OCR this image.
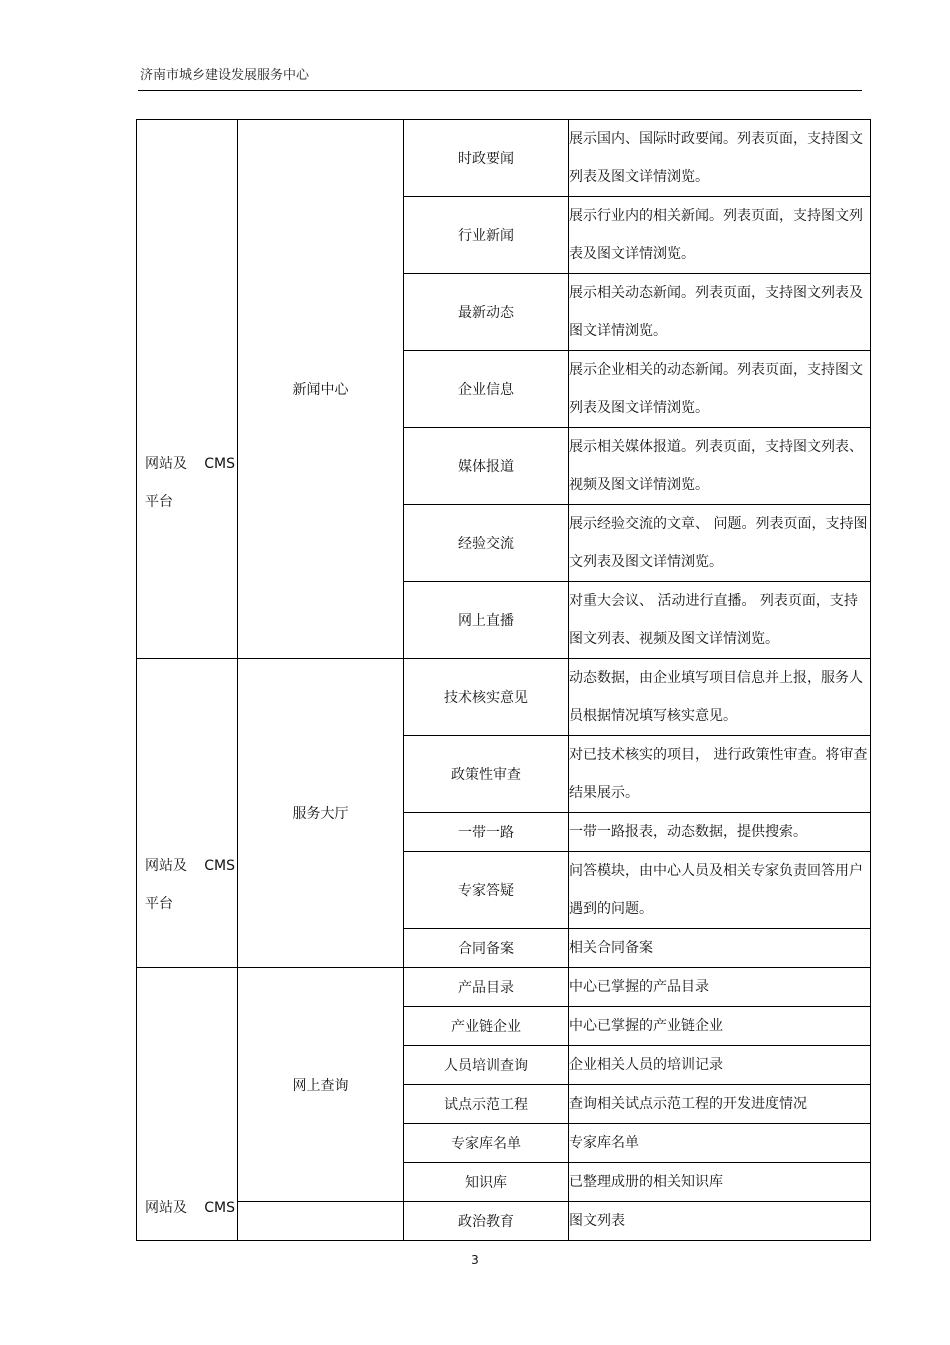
济南市城乡建设发展服务中心
网站及 CMS
平台	新闻中心	时政要闻	展示国内、国际时政要闻。列表页面，支持图文列表及图文详情浏览。
		行业新闻	展示行业内的相关新闻。列表页面，支持图文列表及图文详情浏览。
		最新动态	展示相关动态新闻。列表页面，支持图文列表及图文详情浏览。
		企业信息	展示企业相关的动态新闻。列表页面，支持图文列表及图文详情浏览。
		媒体报道	展示相关媒体报道。列表页面，支持图文列表、视频及图文详情浏览。
		经验交流	展示经验交流的文章、 问题。列表页面，支持图文列表及图文详情浏览。
		网上直播	对重大会议、 活动进行直播。 列表页面，支持图文列表、视频及图文详情浏览。

网站及 CMS
平台	服务大厅	技术核实意见	动态数据，由企业填写项目信息并上报，服务人员根据情况填写核实意见。
		政策性审查	对已技术核实的项目， 进行政策性审查。将审查结果展示。
		一带一路	一带一路报表，动态数据，提供搜索。
		专家答疑	问答模块，由中心人员及相关专家负责回答用户遇到的问题。
		合同备案	相关合同备案

网站及 CMS	网上查询	产品目录	中心已掌握的产品目录
		产业链企业	中心已掌握的产业链企业
		人员培训查询	企业相关人员的培训记录
		试点示范工程	查询相关试点示范工程的开发进度情况
		专家库名单	专家库名单
		知识库	已整理成册的相关知识库
		政治教育	图文列表
3
